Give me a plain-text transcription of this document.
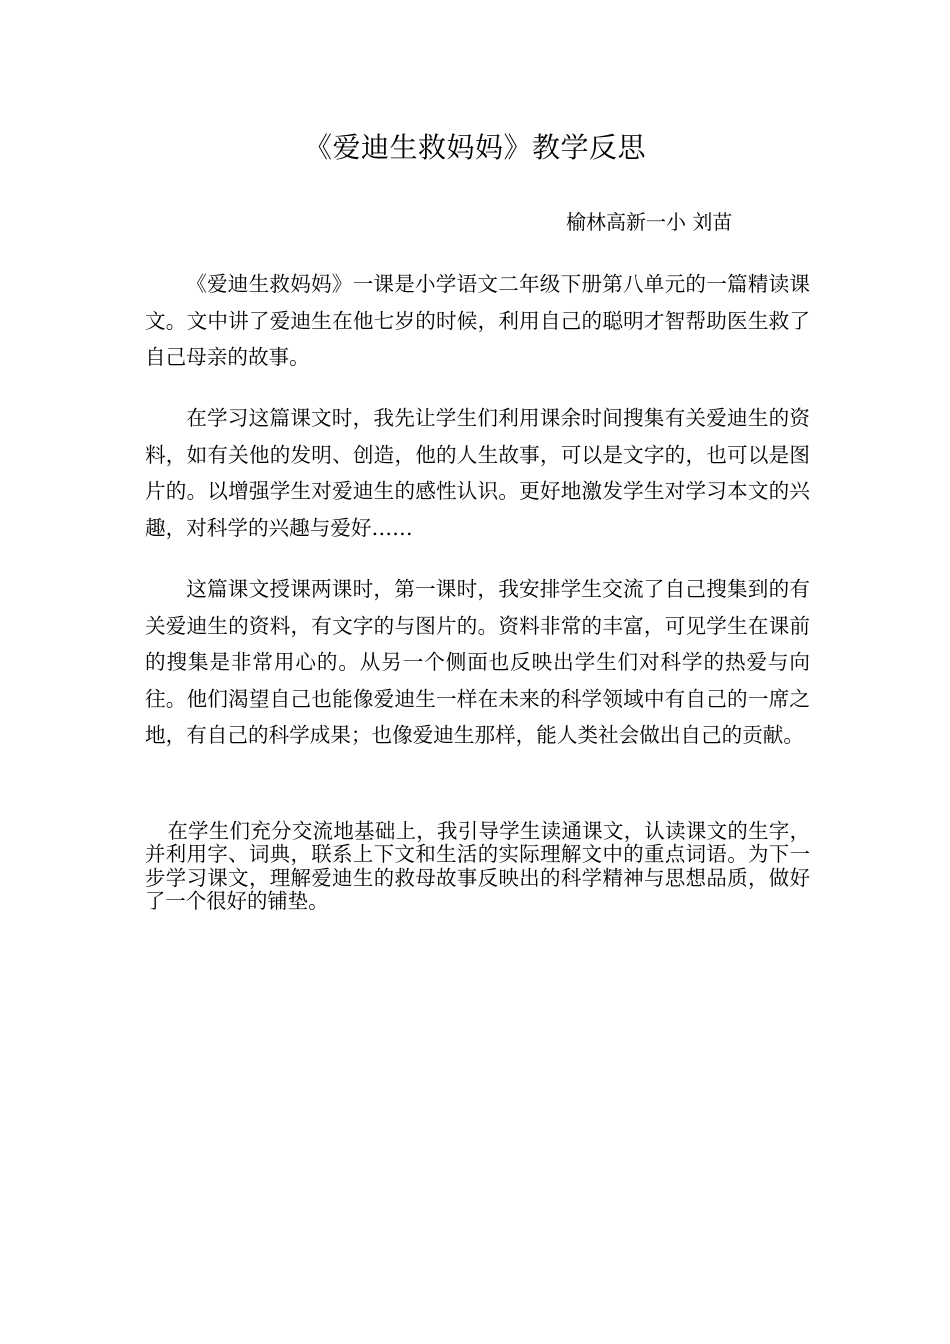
《爱迪生救妈妈》教学反思
榆林高新一小 刘苗

《爱迪生救妈妈》一课是小学语文二年级下册第八单元的一篇精读课文。文中讲了爱迪生在他七岁的时候，利用自己的聪明才智帮助医生救了自己母亲的故事。

在学习这篇课文时，我先让学生们利用课余时间搜集有关爱迪生的资料，如有关他的发明、创造，他的人生故事，可以是文字的，也可以是图片的。以增强学生对爱迪生的感性认识。更好地激发学生对学习本文的兴趣，对科学的兴趣与爱好……

这篇课文授课两课时，第一课时，我安排学生交流了自己搜集到的有关爱迪生的资料，有文字的与图片的。资料非常的丰富，可见学生在课前的搜集是非常用心的。从另一个侧面也反映出学生们对科学的热爱与向往。他们渴望自己也能像爱迪生一样在未来的科学领域中有自己的一席之地，有自己的科学成果；也像爱迪生那样，能人类社会做出自己的贡献。

在学生们充分交流地基础上，我引导学生读通课文，认读课文的生字，并利用字、词典，联系上下文和生活的实际理解文中的重点词语。为下一步学习课文，理解爱迪生的救母故事反映出的科学精神与思想品质，做好了一个很好的铺垫。
